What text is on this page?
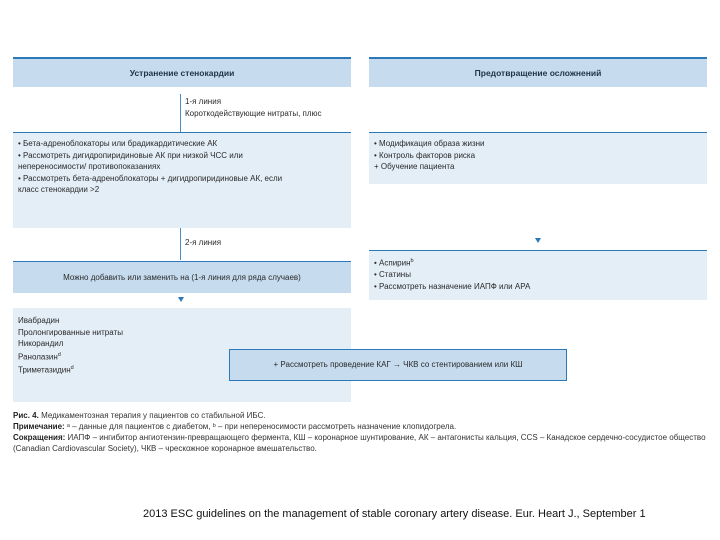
Устранение стенокардии	Предотвращение осложнений
1-я линия
Короткодействующие нитраты, плюс
• Бета-адреноблокаторы или брадикардитические АК
• Рассмотреть дигидропиридиновые АК при низкой ЧСС или
непереносимости/ противопоказаниях
• Рассмотреть бета-адреноблокаторы + дигидропиридиновые АК, если
класс стенокардии >2
2-я линия
Можно добавить или заменить на (1-я линия для ряда случаев)
Ивабрадин
Пролонгированные нитраты
Никорандил
Ранолазин$^d$
Триметазидин$^d$
• Модификация образа жизни
• Контроль факторов риска
+ Обучение пациента
• Аспирин$^b$
• Статины
• Рассмотреть назначение ИАПФ или АРА
+ Рассмотреть проведение КАГ → ЧКВ со стентированием или КШ
Рис. 4. Медикаментозная терапия у пациентов со стабильной ИБС.
Примечание: ᵃ – данные для пациентов с диабетом, ᵇ – при непереносимости рассмотреть назначение клопидогрела.
Сокращения: ИАПФ – ингибитор ангиотензин-превращающего фермента, КШ – коронарное шунтирование, АК – антагонисты кальция, CCS – Канадское сердечно-сосудистое общество (Canadian Cardiovascular Society), ЧКВ – чрескожное коронарное вмешательство.
2013 ESC guidelines on the management of stable coronary artery disease. Eur. Heart J., September 1
